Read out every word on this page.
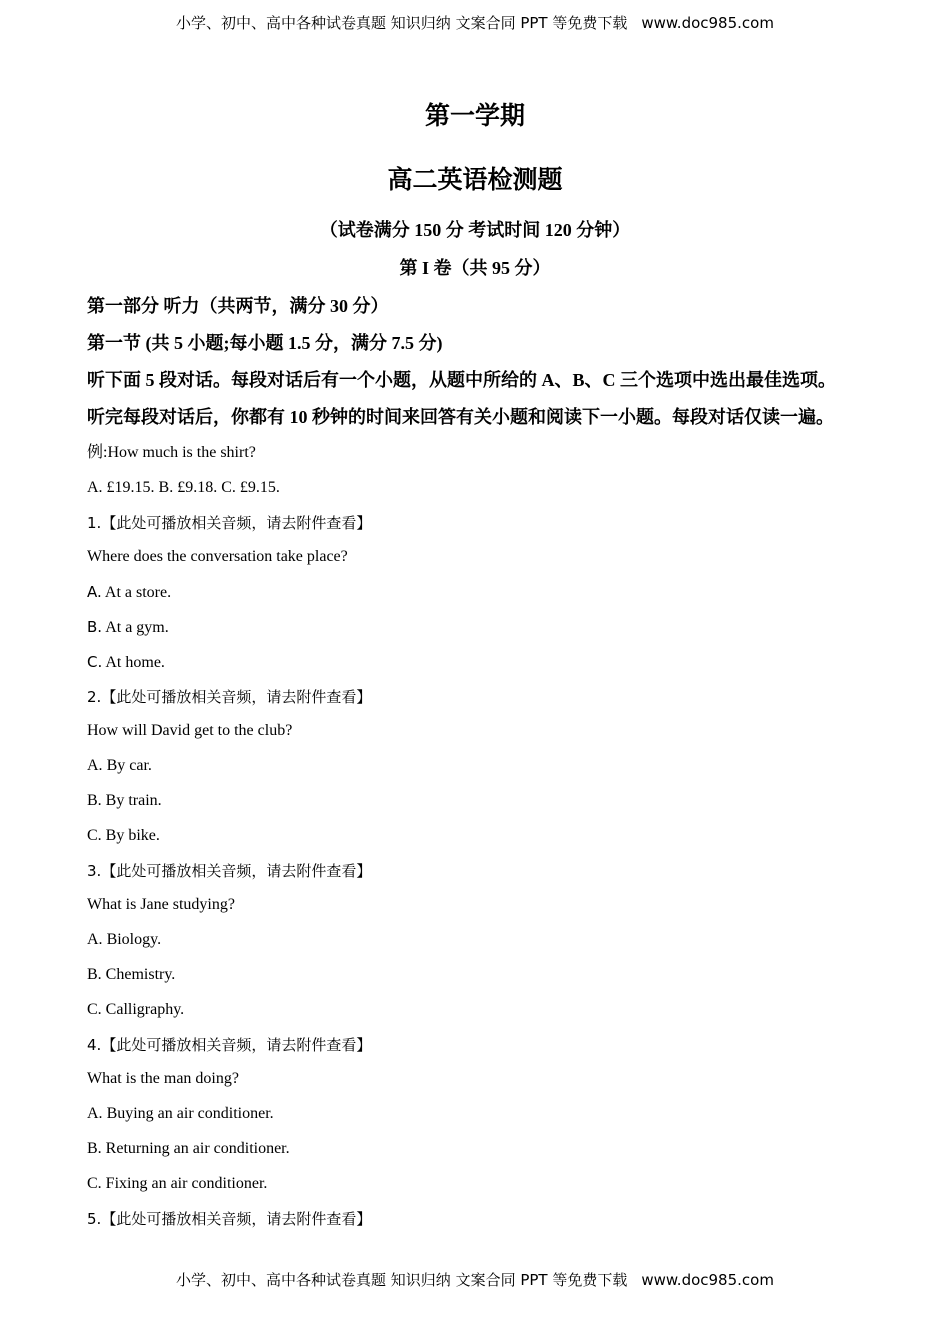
小学、初中、高中各种试卷真题 知识归纳 文案合同 PPT 等免费下载 www.doc985.com
第一学期
高二英语检测题
（试卷满分 150 分 考试时间 120 分钟）
第 I 卷（共 95 分）
第一部分 听力（共两节，满分 30 分）
第一节 (共 5 小题;每小题 1.5 分，满分 7.5 分)
听下面 5 段对话。每段对话后有一个小题，从题中所给的 A、B、C 三个选项中选出最佳选项。
听完每段对话后，你都有 10 秒钟的时间来回答有关小题和阅读下一小题。每段对话仅读一遍。
例:How much is the shirt?
A. £19.15. B. £9.18. C. £9.15.
1.【此处可播放相关音频，请去附件查看】
Where does the conversation take place?
A. At a store.
B. At a gym.
C. At home.
2.【此处可播放相关音频，请去附件查看】
How will David get to the club?
A. By car.
B. By train.
C. By bike.
3.【此处可播放相关音频，请去附件查看】
What is Jane studying?
A. Biology.
B. Chemistry.
C. Calligraphy.
4.【此处可播放相关音频，请去附件查看】
What is the man doing?
A. Buying an air conditioner.
B. Returning an air conditioner.
C. Fixing an air conditioner.
5.【此处可播放相关音频，请去附件查看】
小学、初中、高中各种试卷真题 知识归纳 文案合同 PPT 等免费下载 www.doc985.com
